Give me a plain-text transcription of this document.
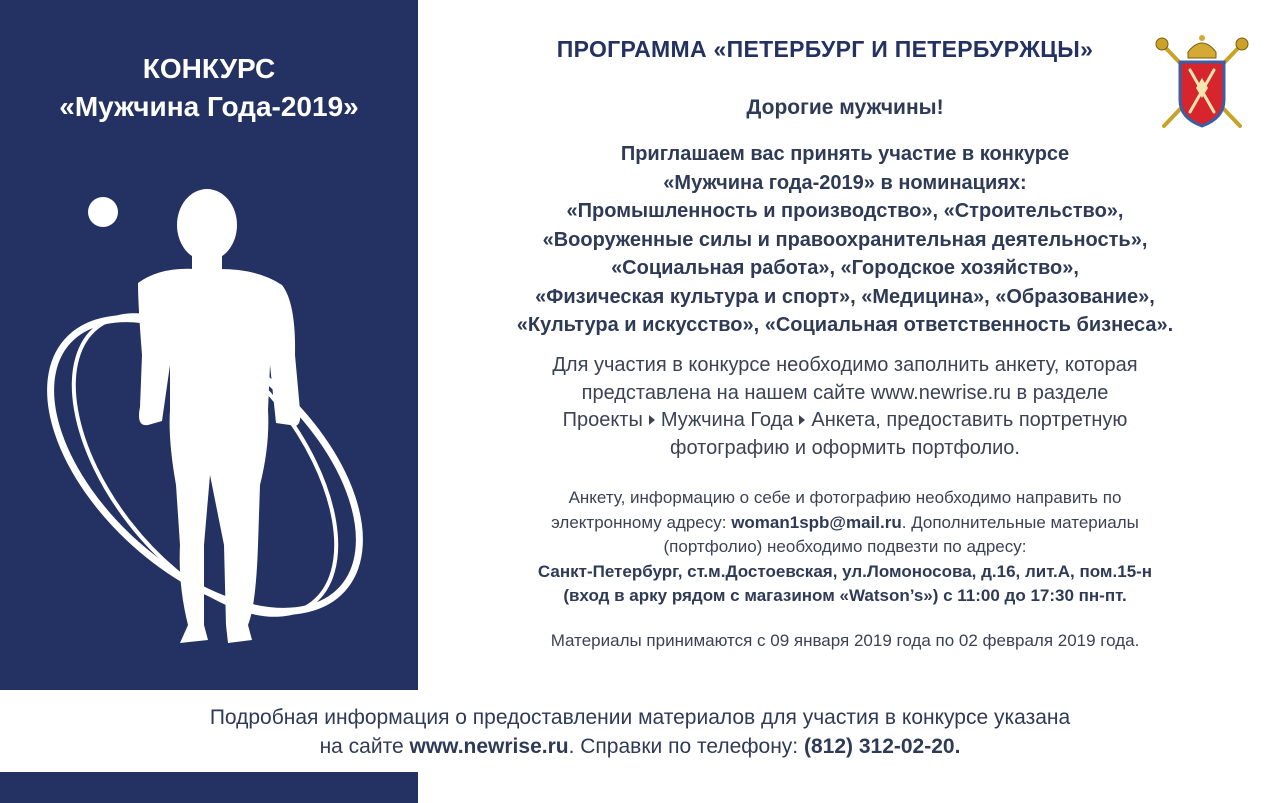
КОНКУРС
«Мужчина Года-2019»
ПРОГРАММА «ПЕТЕРБУРГ И ПЕТЕРБУРЖЦЫ»
Дорогие мужчины!
Приглашаем вас принять участие в конкурсе
«Мужчина года-2019» в номинациях:
«Промышленность и производство», «Строительство»,
«Вооруженные силы и правоохранительная деятельность»,
«Социальная работа», «Городское хозяйство»,
«Физическая культура и спорт», «Медицина», «Образование»,
«Культура и искусство», «Социальная ответственность бизнеса».
Для участия в конкурсе необходимо заполнить анкету, которая
представлена на нашем сайте www.newrise.ru в разделе
Проекты Мужчина Года Анкета, предоставить портретную
фотографию и оформить портфолио.
Анкету, информацию о себе и фотографию необходимо направить по
электронному адресу: woman1spb@mail.ru. Дополнительные материалы
(портфолио) необходимо подвезти по адресу:
Санкт-Петербург, ст.м.Достоевская, ул.Ломоносова, д.16, лит.А, пом.15-н
(вход в арку рядом с магазином «Watson’s») с 11:00 до 17:30 пн-пт.
Материалы принимаются с 09 января 2019 года по 02 февраля 2019 года.
Подробная информация о предоставлении материалов для участия в конкурсе указана
на сайте www.newrise.ru. Справки по телефону: (812) 312-02-20.
